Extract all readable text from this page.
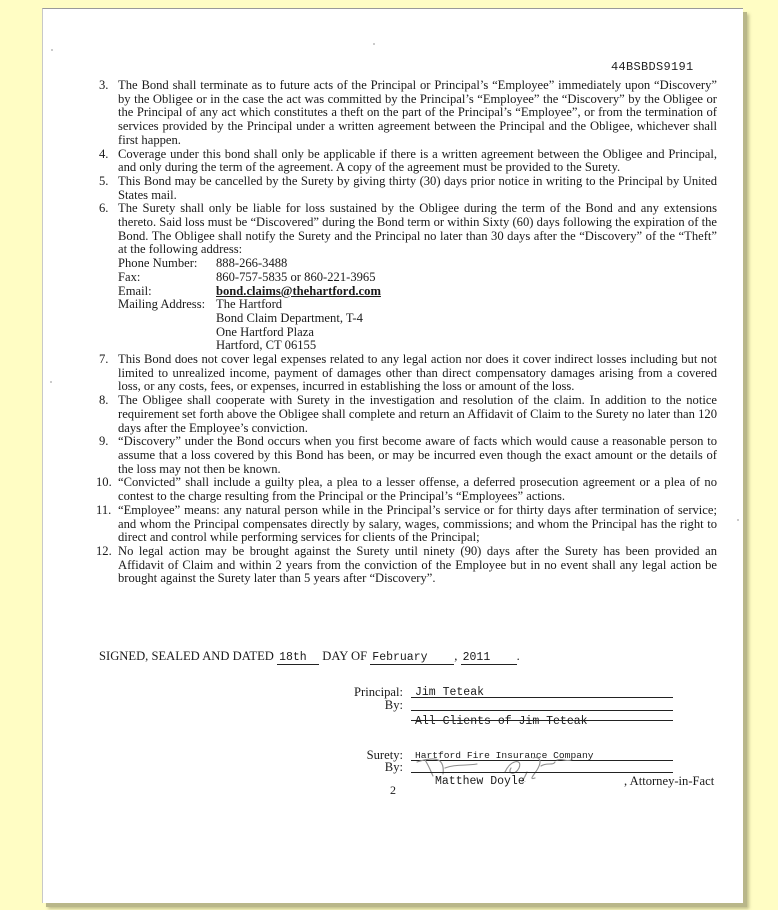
44BSBDS9191
3. The Bond shall terminate as to future acts of the Principal or Principal’s “Employee” immediately upon “Discovery” by the Obligee or in the case the act was committed by the Principal’s “Employee” the “Discovery” by the Obligee or the Principal of any act which constitutes a theft on the part of the Principal’s “Employee”, or from the termination of services provided by the Principal under a written agreement between the Principal and the Obligee, whichever shall first happen.
4. Coverage under this bond shall only be applicable if there is a written agreement between the Obligee and Principal, and only during the term of the agreement. A copy of the agreement must be provided to the Surety.
5. This Bond may be cancelled by the Surety by giving thirty (30) days prior notice in writing to the Principal by United States mail.
6. The Surety shall only be liable for loss sustained by the Obligee during the term of the Bond and any extensions thereto. Said loss must be “Discovered” during the Bond term or within Sixty (60) days following the expiration of the Bond. The Obligee shall notify the Surety and the Principal no later than 30 days after the “Discovery” of the “Theft” at the following address:
Phone Number:	888-266-3488
Fax:	860-757-5835 or 860-221-3965
Email:	bond.claims@thehartford.com
Mailing Address: The Hartford
Bond Claim Department, T-4
One Hartford Plaza
Hartford, CT 06155
7. This Bond does not cover legal expenses related to any legal action nor does it cover indirect losses including but not limited to unrealized income, payment of damages other than direct compensatory damages arising from a covered loss, or any costs, fees, or expenses, incurred in establishing the loss or amount of the loss.
8. The Obligee shall cooperate with Surety in the investigation and resolution of the claim. In addition to the notice requirement set forth above the Obligee shall complete and return an Affidavit of Claim to the Surety no later than 120 days after the Employee’s conviction.
9. “Discovery” under the Bond occurs when you first become aware of facts which would cause a reasonable person to assume that a loss covered by this Bond has been, or may be incurred even though the exact amount or the details of the loss may not then be known.
10. “Convicted” shall include a guilty plea, a plea to a lesser offense, a deferred prosecution agreement or a plea of no contest to the charge resulting from the Principal or the Principal’s “Employees” actions.
11. “Employee” means: any natural person while in the Principal’s service or for thirty days after termination of service; and whom the Principal compensates directly by salary, wages, commissions; and whom the Principal has the right to direct and control while performing services for clients of the Principal;
12. No legal action may be brought against the Surety until ninety (90) days after the Surety has been provided an Affidavit of Claim and within 2 years from the conviction of the Employee but in no event shall any legal action be brought against the Surety later than 5 years after “Discovery”.
SIGNED, SEALED AND DATED 18th DAY OF February , 2011 .
Principal: Jim Teteak
By:
All Clients of Jim Teteak
Surety: Hartford Fire Insurance Company
By:
Matthew Doyle	, Attorney-in-Fact
2
